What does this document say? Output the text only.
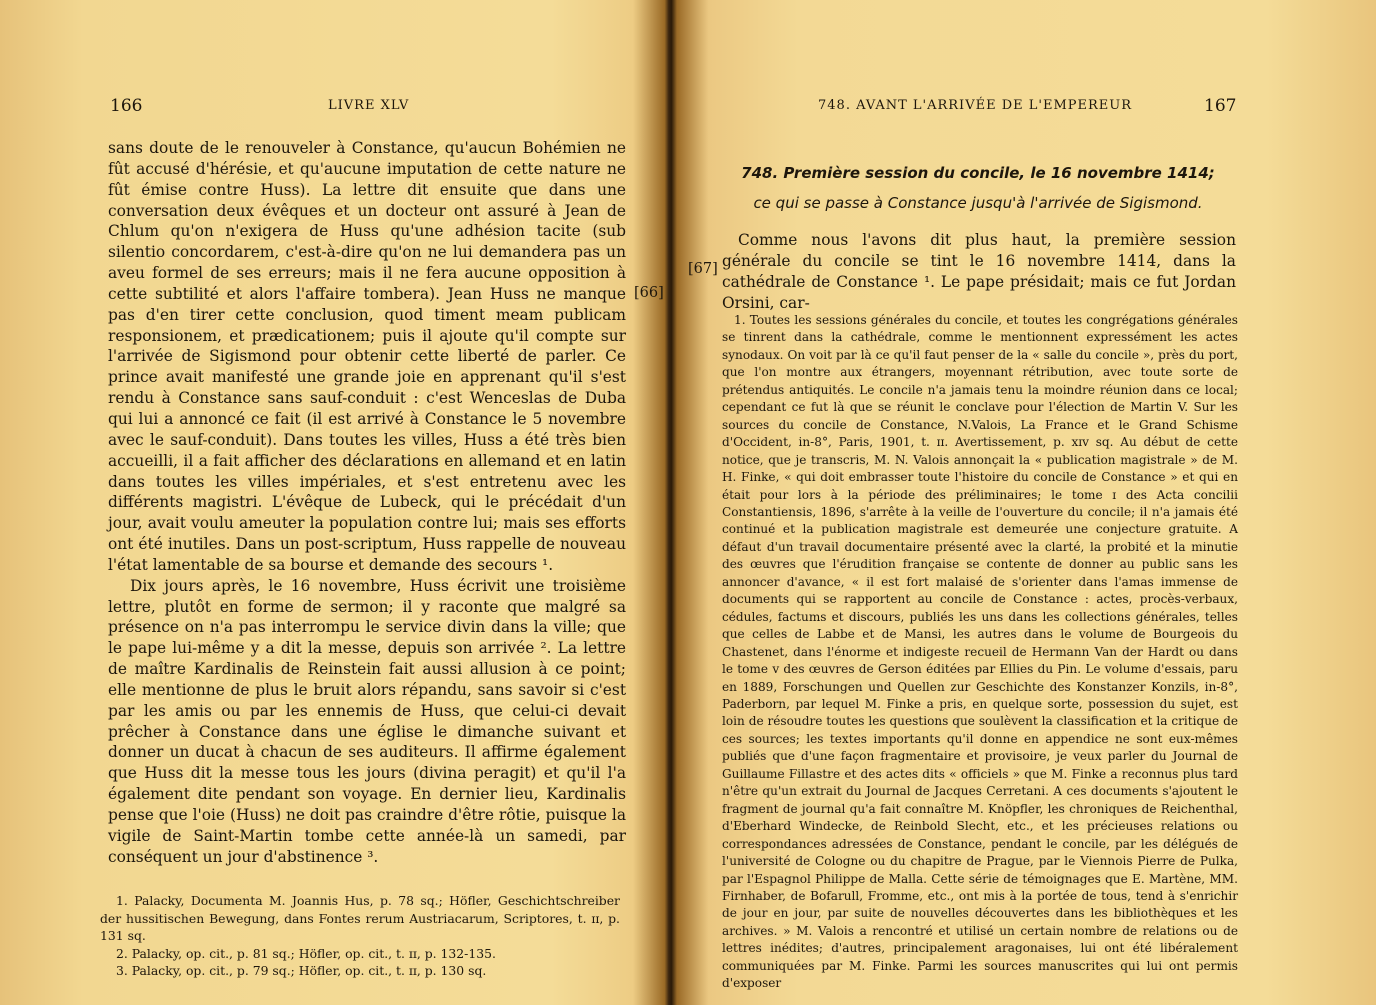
166	LIVRE XLV

sans doute de le renouveler à Constance, qu'aucun Bohémien ne fût accusé d'hérésie, et qu'aucune imputation de cette nature ne fût émise contre Huss). La lettre dit ensuite que dans une conversation deux évêques et un docteur ont assuré à Jean de Chlum qu'on n'exigera de Huss qu'une adhésion tacite (sub silentio concordarem, c'est-à-dire qu'on ne lui demandera pas un aveu formel de ses erreurs; mais il ne fera aucune opposition à cette subtilité et alors l'affaire tombera). Jean Huss ne manque pas d'en tirer cette conclusion, quod timent meam publicam responsionem, et prædicationem; puis il ajoute qu'il compte sur l'arrivée de Sigismond pour obtenir cette liberté de parler. Ce prince avait manifesté une grande joie en apprenant qu'il s'est rendu à Constance sans sauf-conduit : c'est Wenceslas de Duba qui lui a annoncé ce fait (il est arrivé à Constance le 5 novembre avec le sauf-conduit). Dans toutes les villes, Huss a été très bien accueilli, il a fait afficher des déclarations en allemand et en latin dans toutes les villes impériales, et s'est entretenu avec les différents magistri. L'évêque de Lubeck, qui le précédait d'un jour, avait voulu ameuter la population contre lui; mais ses efforts ont été inutiles. Dans un post-scriptum, Huss rappelle de nouveau l'état lamentable de sa bourse et demande des secours ¹.

Dix jours après, le 16 novembre, Huss écrivit une troisième lettre, plutôt en forme de sermon; il y raconte que malgré sa présence on n'a pas interrompu le service divin dans la ville; que le pape lui-même y a dit la messe, depuis son arrivée ². La lettre de maître Kardinalis de Reinstein fait aussi allusion à ce point; elle mentionne de plus le bruit alors répandu, sans savoir si c'est par les amis ou par les ennemis de Huss, que celui-ci devait prêcher à Constance dans une église le dimanche suivant et donner un ducat à chacun de ses auditeurs. Il affirme également que Huss dit la messe tous les jours (divina peragit) et qu'il l'a également dite pendant son voyage. En dernier lieu, Kardinalis pense que l'oie (Huss) ne doit pas craindre d'être rôtie, puisque la vigile de Saint-Martin tombe cette année-là un samedi, par conséquent un jour d'abstinence ³.

[66]

1. Palacky, Documenta M. Joannis Hus, p. 78 sq.; Höfler, Geschichtschreiber der hussitischen Bewegung, dans Fontes rerum Austriacarum, Scriptores, t. ɪɪ, p. 131 sq.

2. Palacky, op. cit., p. 81 sq.; Höfler, op. cit., t. ɪɪ, p. 132-135.

3. Palacky, op. cit., p. 79 sq.; Höfler, op. cit., t. ɪɪ, p. 130 sq.

748. AVANT L'ARRIVÉE DE L'EMPEREUR	167
748. Première session du concile, le 16 novembre 1414;
ce qui se passe à Constance jusqu'à l'arrivée de Sigismond.
[67]

Comme nous l'avons dit plus haut, la première session générale du concile se tint le 16 novembre 1414, dans la cathédrale de Constance ¹. Le pape présidait; mais ce fut Jordan Orsini, car-

1. Toutes les sessions générales du concile, et toutes les congrégations générales se tinrent dans la cathédrale, comme le mentionnent expressément les actes synodaux. On voit par là ce qu'il faut penser de la « salle du concile », près du port, que l'on montre aux étrangers, moyennant rétribution, avec toute sorte de prétendus antiquités. Le concile n'a jamais tenu la moindre réunion dans ce local; cependant ce fut là que se réunit le conclave pour l'élection de Martin V. Sur les sources du concile de Constance, N.Valois, La France et le Grand Schisme d'Occident, in-8°, Paris, 1901, t. ɪɪ. Avertissement, p. xɪv sq. Au début de cette notice, que je transcris, M. N. Valois annonçait la « publication magistrale » de M. H. Finke, « qui doit embrasser toute l'histoire du concile de Constance » et qui en était pour lors à la période des préliminaires; le tome ɪ des Acta concilii Constantiensis, 1896, s'arrête à la veille de l'ouverture du concile; il n'a jamais été continué et la publication magistrale est demeurée une conjecture gratuite. A défaut d'un travail documentaire présenté avec la clarté, la probité et la minutie des œuvres que l'érudition française se contente de donner au public sans les annoncer d'avance, « il est fort malaisé de s'orienter dans l'amas immense de documents qui se rapportent au concile de Constance : actes, procès-verbaux, cédules, factums et discours, publiés les uns dans les collections générales, telles que celles de Labbe et de Mansi, les autres dans le volume de Bourgeois du Chastenet, dans l'énorme et indigeste recueil de Hermann Van der Hardt ou dans le tome v des œuvres de Gerson éditées par Ellies du Pin. Le volume d'essais, paru en 1889, Forschungen und Quellen zur Geschichte des Konstanzer Konzils, in-8°, Paderborn, par lequel M. Finke a pris, en quelque sorte, possession du sujet, est loin de résoudre toutes les questions que soulèvent la classification et la critique de ces sources; les textes importants qu'il donne en appendice ne sont eux-mêmes publiés que d'une façon fragmentaire et provisoire, je veux parler du Journal de Guillaume Fillastre et des actes dits « officiels » que M. Finke a reconnus plus tard n'être qu'un extrait du Journal de Jacques Cerretani. A ces documents s'ajoutent le fragment de journal qu'a fait connaître M. Knöpfler, les chroniques de Reichenthal, d'Eberhard Windecke, de Reinbold Slecht, etc., et les précieuses relations ou correspondances adressées de Constance, pendant le concile, par les délégués de l'université de Cologne ou du chapitre de Prague, par le Viennois Pierre de Pulka, par l'Espagnol Philippe de Malla. Cette série de témoignages que E. Martène, MM. Firnhaber, de Bofarull, Fromme, etc., ont mis à la portée de tous, tend à s'enrichir de jour en jour, par suite de nouvelles découvertes dans les bibliothèques et les archives. » M. Valois a rencontré et utilisé un certain nombre de relations ou de lettres inédites; d'autres, principalement aragonaises, lui ont été libéralement communiquées par M. Finke. Parmi les sources manuscrites qui lui ont permis d'exposer
